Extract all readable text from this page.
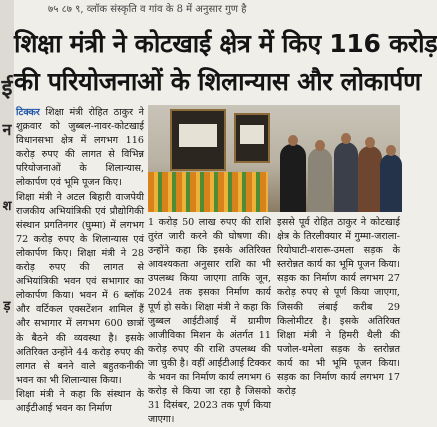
७५ ८७ ९, व्लॉक संस्कृति व गांव के 8 में अनुसार गुण है
ई
न
श
ड़
शिक्षा मंत्री ने कोटखाई क्षेत्र में किए 116 करोड़
की परियोजनाओं के शिलान्यास और लोकार्पण

टिक्कर शिक्षा मंत्री रोहित ठाकुर ने शुक्रवार को जुब्बल-नावर-कोटखाई विधानसभा क्षेत्र में लगभग 116 करोड़ रुपए की लागत से विभिन्न परियोजनाओं के शिलान्यास, लोकार्पण एवं भूमि पूजन किए।

शिक्षा मंत्री ने अटल बिहारी वाजपेयी राजकीय अभियांत्रिकी एवं प्रौद्योगिकी संस्थान प्रगतिनगर (घुम्मा) में लगभग 72 करोड़ रुपए के शिलान्यास एवं लोकार्पण किए। शिक्षा मंत्री ने 28 करोड़ रुपए की लागत से अभियांत्रिकी भवन एवं सभागार का लोकार्पण किया। भवन में 6 ब्लॉक और वर्टिकल एक्सटेंशन शामिल हैं और सभागार में लगभग 600 छात्रों के बैठने की व्यवस्था है। इसके अतिरिक्त उन्होंने 44 करोड़ रुपए की लागत से बनने वाले बहुतकनीकी भवन का भी शिलान्यास किया।

शिक्षा मंत्री ने कहा कि संस्थान के आईटीआई भवन का निर्माण

1 करोड़ 50 लाख रुपए की राशि तुरंत जारी करने की घोषणा की। उन्होंने कहा कि इसके अतिरिक्त आवश्यकता अनुसार राशि का भी उपलब्ध किया जाएगा ताकि जून, 2024 तक इसका निर्माण कार्य पूर्ण हो सके। शिक्षा मंत्री ने कहा कि जुब्बल आईटीआई में ग्रामीण आजीविका मिशन के अंतर्गत 11 करोड़ रुपए की राशि उपलब्ध की जा चुकी है। वहीं आईटीआई टिक्कर के भवन का निर्माण कार्य लगभग 6 करोड़ से किया जा रहा है जिसको 31 दिसंबर, 2023 तक पूर्ण किया जाएगा।

इससे पूर्व रोहित ठाकुर ने कोटखाई क्षेत्र के तिरलीक्यार में गुम्मा-जराला- रियोघाटी-शरारू-उमला सड़क के स्तरोन्नत कार्य का भूमि पूजन किया। सड़क का निर्माण कार्य लगभग 27 करोड़ रुपए से पूर्ण किया जाएगा, जिसकी लंबाई करीब 29 किलोमीटर है। इसके अतिरिक्त शिक्षा मंत्री ने हिमरी थैली की पजोल-थमेला सड़क के स्तरोन्नत कार्य का भी भूमि पूजन किया। सड़क का निर्माण कार्य लगभग 17 करोड़
